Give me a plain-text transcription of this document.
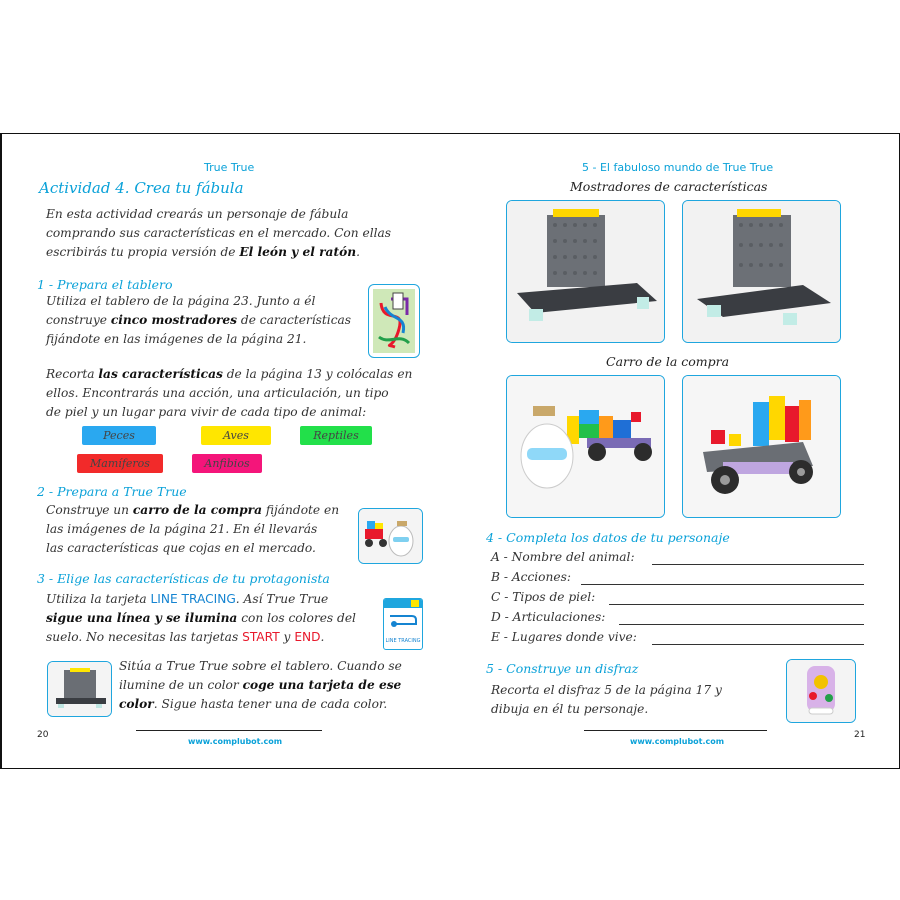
True True
Actividad 4. Crea tu fábula
En esta actividad crearás un personaje de fábula
comprando sus características en el mercado. Con ellas
escribirás tu propia versión de El león y el ratón.
1 - Prepara el tablero
Utiliza el tablero de la página 23. Junto a él
construye cinco mostradores de características
fijándote en las imágenes de la página 21.
Recorta las características de la página 13 y colócalas en
ellos. Encontrarás una acción, una articulación, un tipo
de piel y un lugar para vivir de cada tipo de animal:
Peces	Aves	Reptiles
Mamíferos	Anfibios
2 - Prepara a True True
Construye un carro de la compra fijándote en
las imágenes de la página 21. En él llevarás
las características que cojas en el mercado.
3 - Elige las características de tu protagonista
Utiliza la tarjeta LINE TRACING. Así True True
sigue una línea y se ilumina con los colores del
suelo. No necesitas las tarjetas START y END.	LINE TRACING
Sitúa a True True sobre el tablero. Cuando se
ilumine de un color coge una tarjeta de ese
color. Sigue hasta tener una de cada color.
20
www.complubot.com
5 - El fabuloso mundo de True True
Mostradores de características
Carro de la compra
4 - Completa los datos de tu personaje
A - Nombre del animal:
B - Acciones:
C - Tipos de piel:
D - Articulaciones:
E - Lugares donde vive:
5 - Construye un disfraz
Recorta el disfraz 5 de la página 17 y
dibuja en él tu personaje.
21
www.complubot.com
